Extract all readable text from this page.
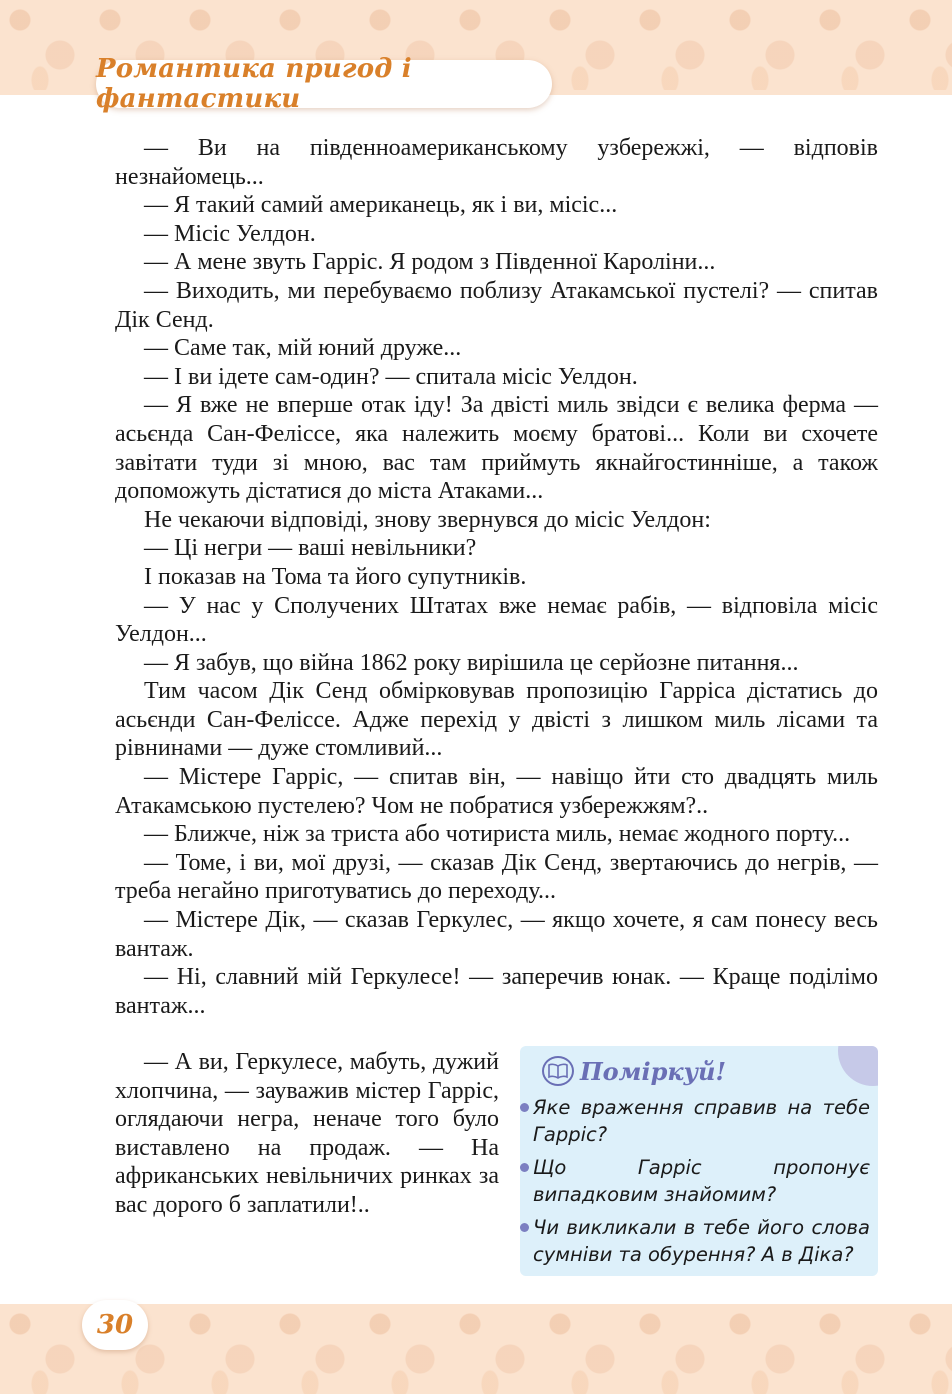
Романтика пригод і фантастики

— Ви на південноамериканському узбережжі, — відповів незнайомець...

— Я такий самий американець, як і ви, місіс...

— Місіс Уелдон.

— А мене звуть Гарріс. Я родом з Південної Кароліни...

— Виходить, ми перебуваємо поблизу Атакамської пустелі? — спитав Дік Сенд.

— Саме так, мій юний друже...

— І ви ідете сам-один? — спитала місіс Уелдон.

— Я вже не вперше отак іду! За двісті миль звідси є велика ферма — асьєнда Сан-Феліссе, яка належить моєму братові... Коли ви схочете завітати туди зі мною, вас там приймуть якнайгостинніше, а також допоможуть дістатися до міста Атаками...

Не чекаючи відповіді, знову звернувся до місіс Уелдон:

— Ці негри — ваші невільники?

І показав на Тома та його супутників.

— У нас у Сполучених Штатах вже немає рабів, — відповіла місіс Уелдон...

— Я забув, що війна 1862 року вирішила це серйозне питання...

Тим часом Дік Сенд обмірковував пропозицію Гарріса дістатись до асьєнди Сан-Феліссе. Адже перехід у двісті з лишком миль лісами та рівнинами — дуже стомливий...

— Містере Гарріс, — спитав він, — навіщо йти сто двадцять миль Атакамською пустелею? Чом не побратися узбережжям?..

— Ближче, ніж за триста або чотириста миль, немає жодного порту...

— Томе, і ви, мої друзі, — сказав Дік Сенд, звертаючись до негрів, — треба негайно приготуватись до переходу...

— Містере Дік, — сказав Геркулес, — якщо хочете, я сам понесу весь вантаж.

— Ні, славний мій Геркулесе! — заперечив юнак. — Краще поділімо вантаж...

— А ви, Геркулесе, мабуть, дужий хлопчина, — зауважив містер Гарріс, оглядаючи негра, неначе того було виставлено на продаж. — На африканських невільничих ринках за вас дорого б заплатили!..

Поміркуй!
Яке враження справив на тебе Гарріс?
Що Гарріс пропонує випадковим знайомим?
Чи викликали в тебе його слова сумніви та обурення? А в Діка?
30
